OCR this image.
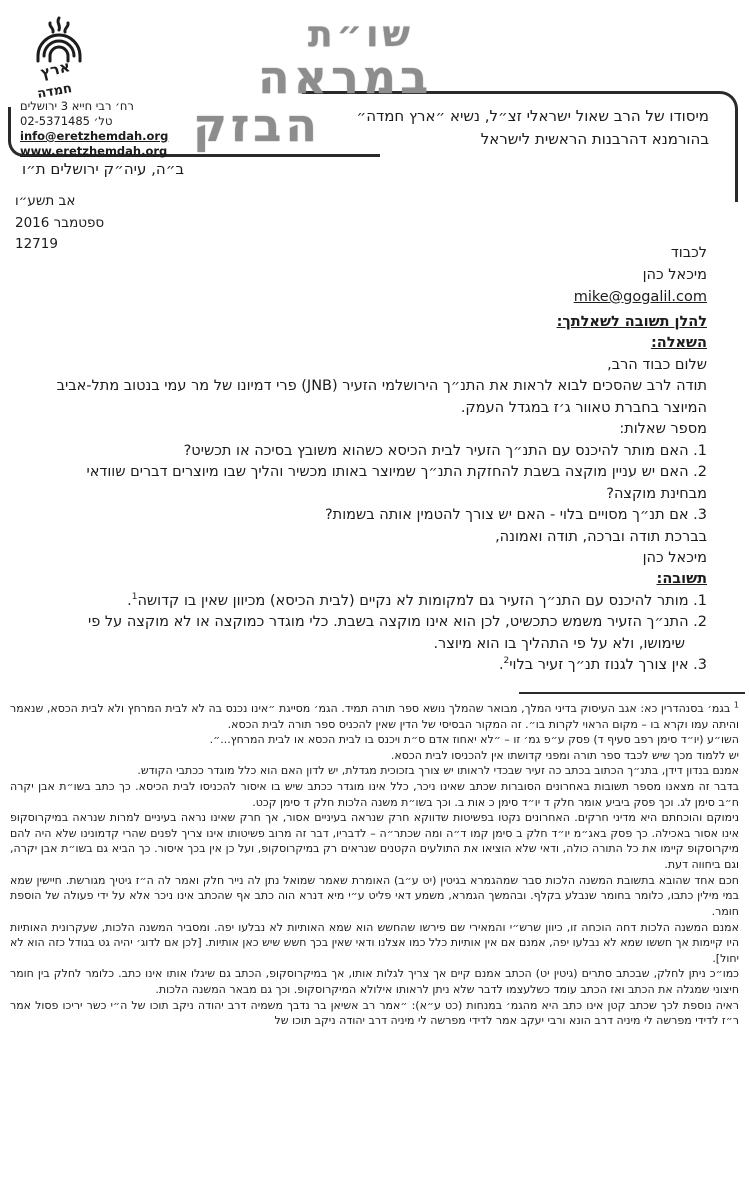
ארץ
חמדה
רח׳ רבי חייא 3 ירושלים
טל׳ 02-5371485
info@eretzhemdah.org
www.eretzhemdah.org
ב״ה, עיה״ק ירושלים ת״ו
שו״ת
במראה
הבזק מיסודו של הרב שאול ישראלי זצ״ל, נשיא ״ארץ חמדה״
בהורמנא דהרבנות הראשית לישראל
אב תשע״ו
ספטמבר 2016
12719
לכבוד
מיכאל כהן
mike@gogalil.com

להלן תשובה לשאלתך:

השאלה:

שלום כבוד הרב,

תודה לרב שהסכים לבוא לראות את התנ״ך הירושלמי הזעיר (JNB) פרי דמיונו של מר עמי בנטוב מתל-אביב המיוצר בחברת טאוור ג׳ז במגדל העמק.

מספר שאלות:

1. האם מותר להיכנס עם התנ״ך הזעיר לבית הכיסא כשהוא משובץ בסיכה או תכשיט?

2. האם יש עניין מוקצה בשבת להחזקת התנ״ך שמיוצר באותו מכשיר והליך שבו מיוצרים דברים שוודאי מבחינת מוקצה?

3. אם תנ״ך מסויים בלוי - האם יש צורך להטמין אותה בשמות?

בברכת תודה וברכה, תודה ואמונה,

מיכאל כהן

תשובה:

1. מותר להיכנס עם התנ״ך הזעיר גם למקומות לא נקיים (לבית הכיסא) מכיוון שאין בו קדושה$^1$.

2. התנ״ך הזעיר משמש כתכשיט, לכן הוא אינו מוקצה בשבת. כלי מוגדר כמוקצה או לא מוקצה על פי שימושו, ולא על פי התהליך בו הוא מיוצר.

3. אין צורך לגנוז תנ״ך זעיר בלוי$^2$.

$^1$ בגמ׳ בסנהדרין כא: אגב העיסוק בדיני המלך, מבואר שהמלך נושא ספר תורה תמיד. הגמ׳ מסייגת ״אינו נכנס בה לא לבית המרחץ ולא לבית הכסא, שנאמר והיתה עמו וקרא בו – מקום הראוי לקרות בו״. זה המקור הבסיסי של הדין שאין להכניס ספר תורה לבית הכסא.

השו״ע (יו״ד סימן רפב סעיף ד) פסק ע״פ גמ׳ זו – ״לא יאחוז אדם ס״ת ויכנס בו לבית הכסא או לבית המרחץ...״.

יש ללמוד מכך שיש לכבד ספר תורה ומפני קדושתו אין להכניסו לבית הכסא.

אמנם בנדון דידן, בתנ״ך הכתוב בכתב כה זעיר שבכדי לראותו יש צורך בזכוכית מגדלת, יש לדון האם הוא כלל מוגדר ככתבי הקודש.

בדבר זה מצאנו מספר תשובות באחרונים הסוברות שכתב שאינו ניכר, כלל אינו מוגדר ככתב שיש בו איסור להכניסו לבית הכיסא. כך כתב בשו״ת אבן יקרה ח״ב סימן לג. וכך פסק ביביע אומר חלק ד יו״ד סימן כ אות ב. וכך בשו״ת משנה הלכות חלק ד סימן קכט.

נימוקם והוכחתם היא מדיני חרקים. האחרונים נקטו בפשיטות שדווקא חרק שנראה בעיניים אסור, אך חרק שאינו נראה בעיניים למרות שנראה במיקרוסקופ אינו אסור באכילה. כך פסק באג״מ יו״ד חלק ב סימן קמו ד״ה ומה שכתר״ה – לדבריו, דבר זה מרוב פשיטותו אינו צריך לפנים שהרי קדמונינו שלא היה להם מיקרוסקופ קיימו את כל התורה כולה, ודאי שלא הוציאו את התולעים הקטנים שנראים רק במיקרוסקופ, ועל כן אין בכך איסור. כך הביא גם בשו״ת אבן יקרה, וגם ביחווה דעת.

חכם אחד שהובא בתשובת המשנה הלכות סבר שמהגמרא בגיטין (יט ע״ב) האומרת שאמר שמואל נתן לה נייר חלק ואמר לה ה״ז גיטיך מגורשת. חיישין שמא במי מילין כתבו, כלומר בחומר שנבלע בקלף. ובהמשך הגמרא, משמע דאי פליט ע״י מיא דנרא הוה כתב אף שהכתב אינו ניכר אלא על ידי פעולה של הוספת חומר.

אמנם המשנה הלכות דחה הוכחה זו, כיוון שרש״י והמאירי שם פירשו שהחשש הוא שמא האותיות לא נבלעו יפה. ומסביר המשנה הלכות, שעקרונית האותיות היו קיימות אך חששו שמא לא נבלעו יפה, אמנם אם אין אותיות כלל כמו אצלנו ודאי שאין בכך חשש שיש כאן אותיות. [לכן אם לדוג׳ יהיה גט בגודל כזה הוא לא יחול].

כמו״כ ניתן לחלק, שבכתב סתרים (גיטין יט) הכתב אמנם קיים אך צריך לגלות אותו, אך במיקרוסקופ, הכתב גם שיגלו אותו אינו כתב. כלומר לחלק בין חומר חיצוני שמגלה את הכתב ואז הכתב עומד כשלעצמו לדבר שלא ניתן לראותו אילולא המיקרוסקופ. וכך גם מבאר המשנה הלכות.

ראיה נוספת לכך שכתב קטן אינו כתב היא מהגמ׳ במנחות (כט ע״א): ״אמר רב אשיאן בר נדבך משמיה דרב יהודה ניקב תוכו של ה״י כשר יריכו פסול אמר ר״ז לדידי מפרשה לי מיניה דרב הונא ורבי יעקב אמר לדידי מפרשה לי מיניה דרב יהודה ניקב תוכו של
